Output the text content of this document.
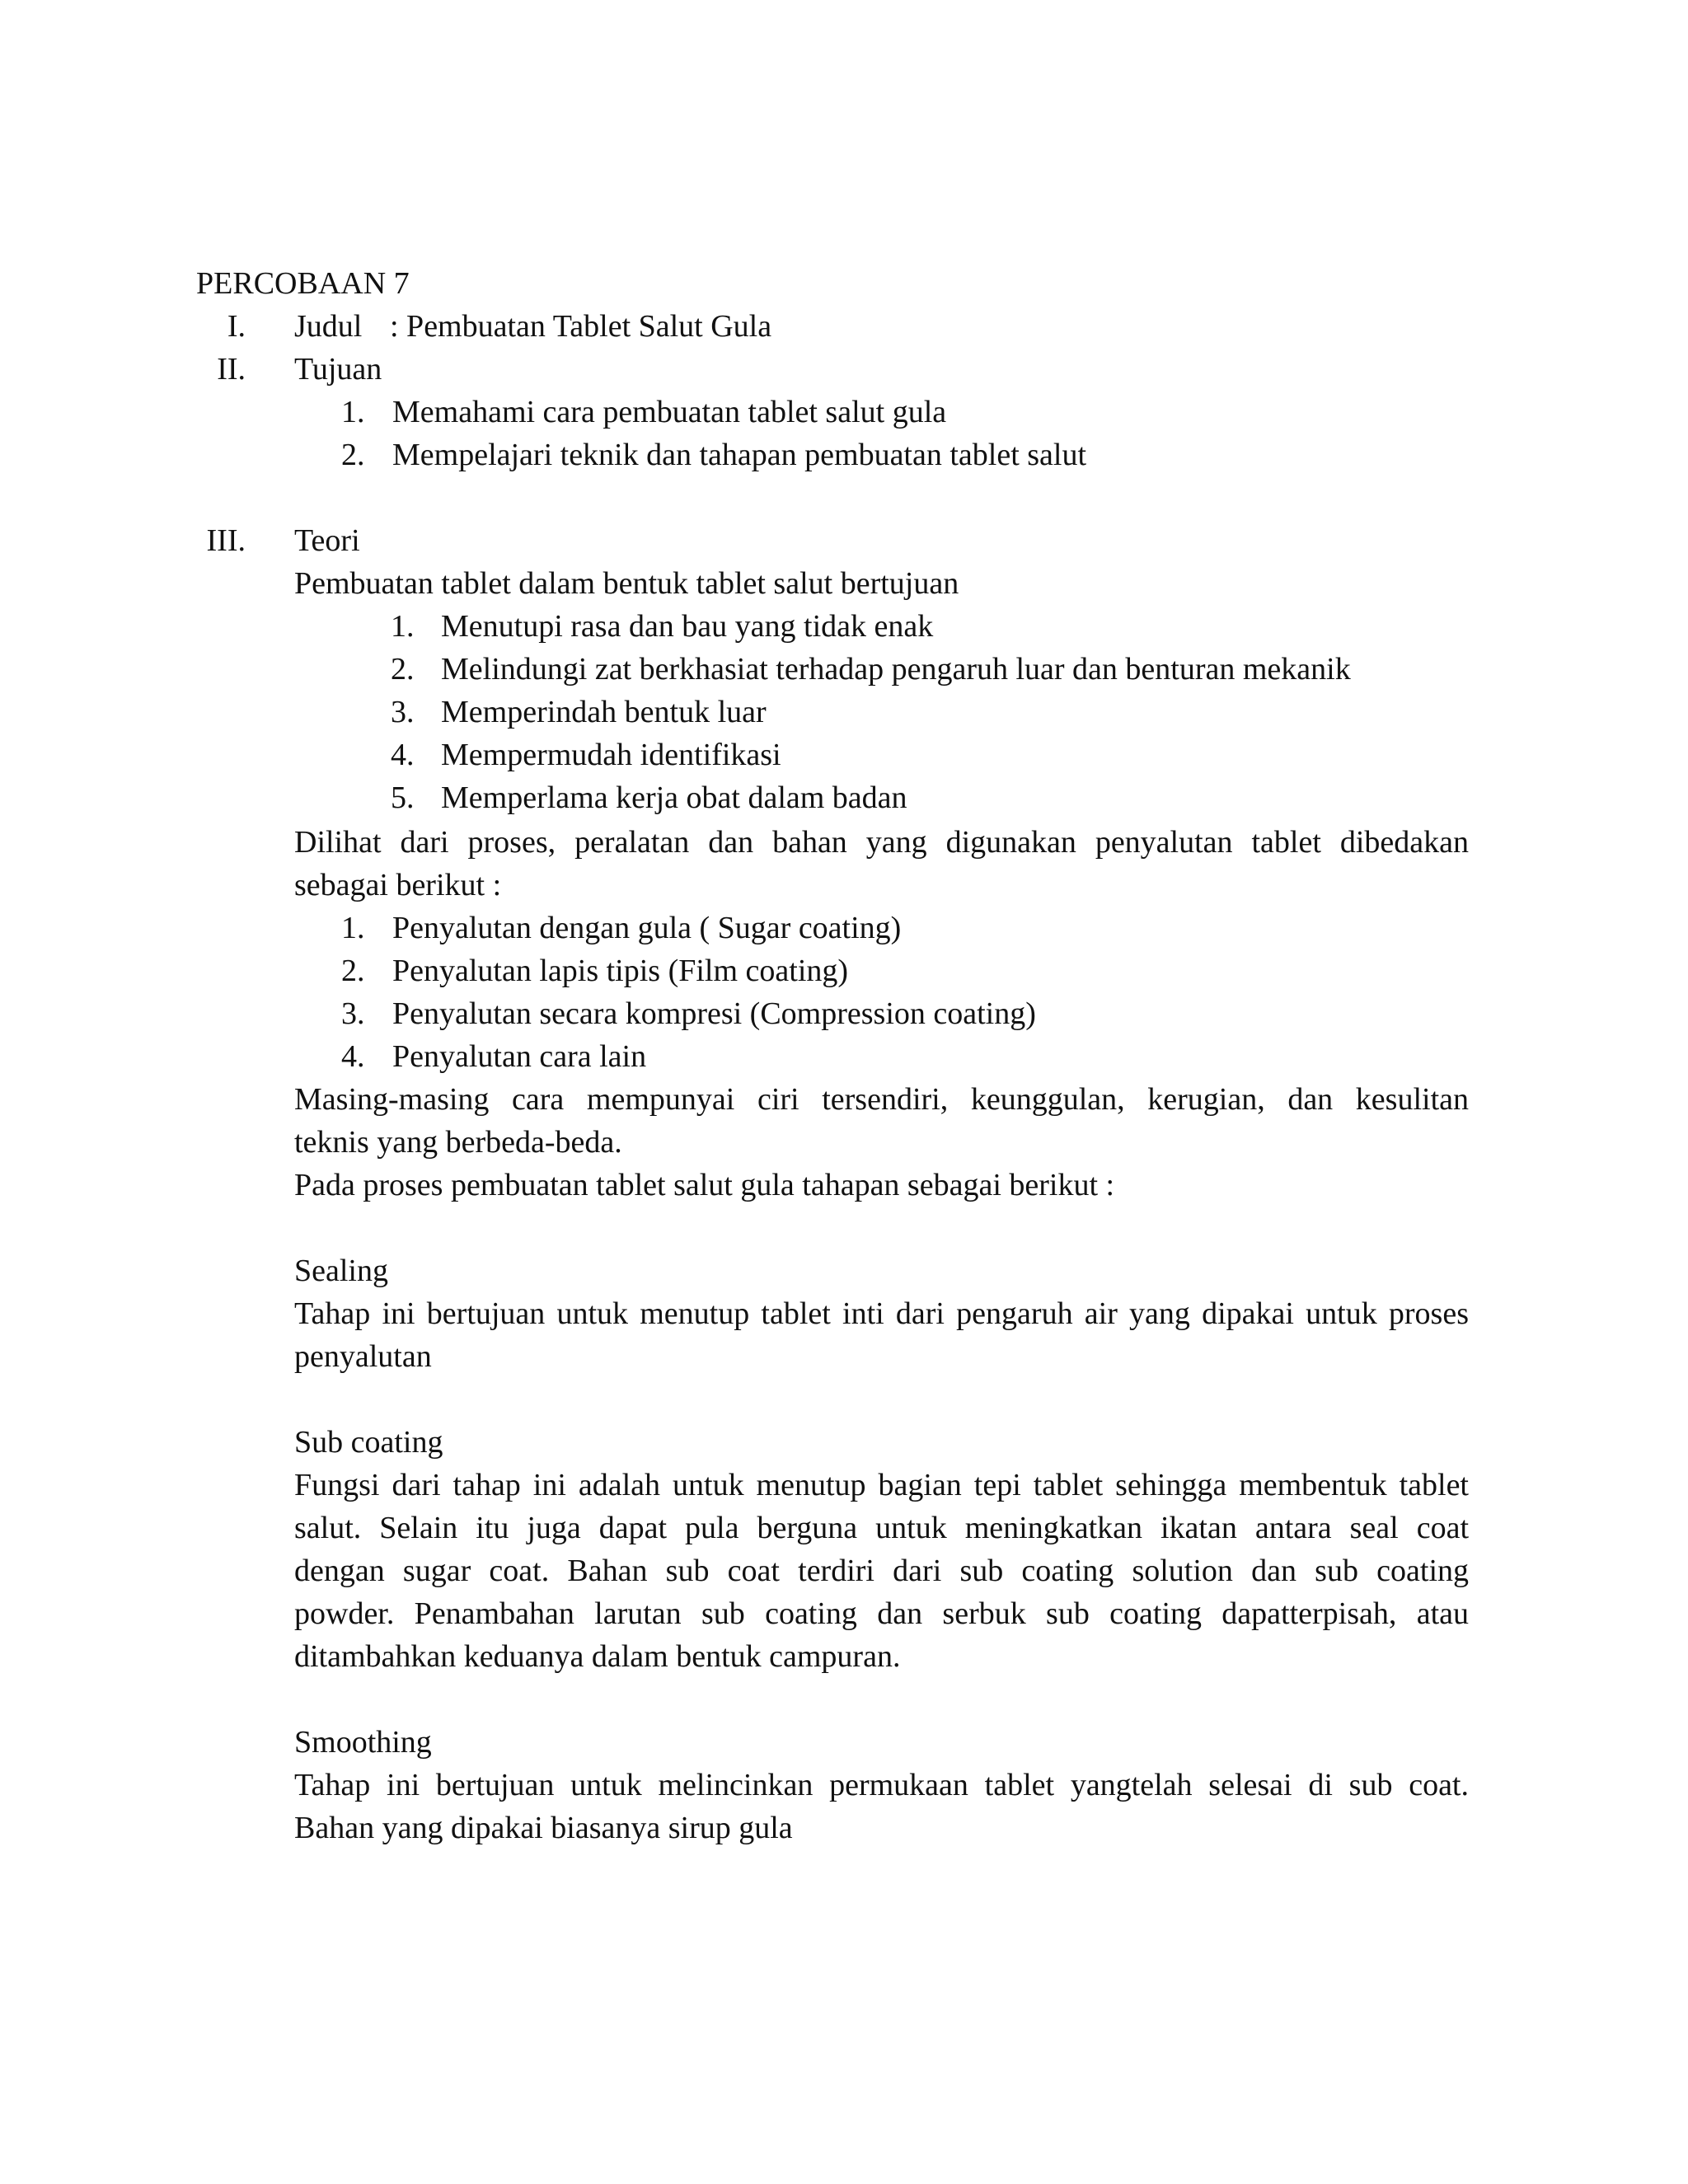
PERCOBAAN 7
I. Judul : Pembuatan Tablet Salut Gula
II. Tujuan
1. Memahami cara pembuatan tablet salut gula
2. Mempelajari teknik dan tahapan pembuatan tablet salut
III. Teori
Pembuatan tablet dalam bentuk tablet salut bertujuan
1. Menutupi rasa dan bau yang tidak enak
2. Melindungi zat berkhasiat terhadap pengaruh luar dan benturan mekanik
3. Memperindah bentuk luar
4. Mempermudah identifikasi
5. Memperlama kerja obat dalam badan
Dilihat dari proses, peralatan dan bahan yang digunakan penyalutan tablet dibedakan
sebagai berikut :
1. Penyalutan dengan gula ( Sugar coating)
2. Penyalutan lapis tipis (Film coating)
3. Penyalutan secara kompresi (Compression coating)
4. Penyalutan cara lain
Masing-masing cara mempunyai ciri tersendiri, keunggulan, kerugian, dan kesulitan
teknis yang berbeda-beda.
Pada proses pembuatan tablet salut gula tahapan sebagai berikut :
Sealing
Tahap ini bertujuan untuk menutup tablet inti dari pengaruh air yang dipakai untuk proses
penyalutan
Sub coating
Fungsi dari tahap ini adalah untuk menutup bagian tepi tablet sehingga membentuk tablet
salut. Selain itu juga dapat pula berguna untuk meningkatkan ikatan antara seal coat
dengan sugar coat. Bahan sub coat terdiri dari sub coating solution dan sub coating
powder. Penambahan larutan sub coating dan serbuk sub coating dapatterpisah, atau
ditambahkan keduanya dalam bentuk campuran.
Smoothing
Tahap ini bertujuan untuk melincinkan permukaan tablet yangtelah selesai di sub coat.
Bahan yang dipakai biasanya sirup gula
